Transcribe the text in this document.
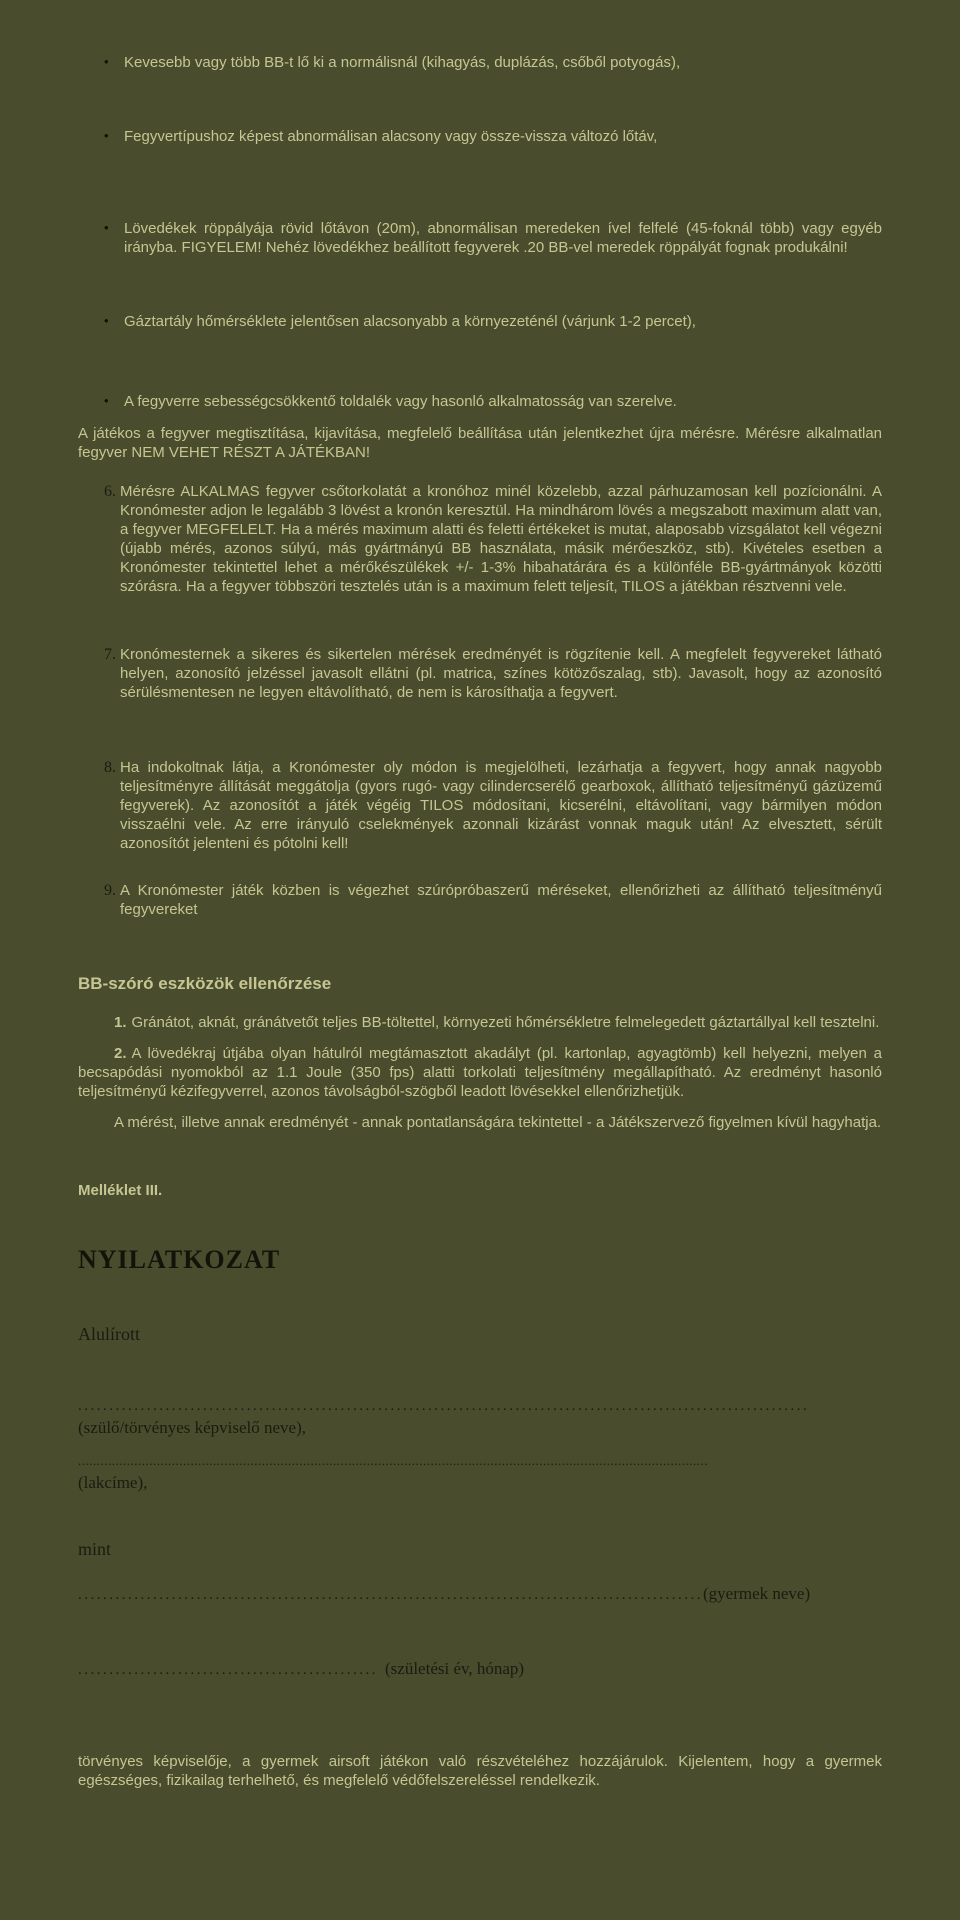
• Kevesebb vagy több BB-t lő ki a normálisnál (kihagyás, duplázás, csőből potyogás),
• Fegyvertípushoz képest abnormálisan alacsony vagy össze-vissza változó lőtáv,
• Lövedékek röppályája rövid lőtávon (20m), abnormálisan meredeken ível felfelé (45-foknál több) vagy egyéb irányba. FIGYELEM! Nehéz lövedékhez beállított fegyverek .20 BB-vel meredek röppályát fognak produkálni!
• Gáztartály hőmérséklete jelentősen alacsonyabb a környezeténél (várjunk 1-2 percet),
• A fegyverre sebességcsökkentő toldalék vagy hasonló alkalmatosság van szerelve.

A játékos a fegyver megtisztítása, kijavítása, megfelelő beállítása után jelentkezhet újra mérésre. Mérésre alkalmatlan fegyver NEM VEHET RÉSZT A JÁTÉKBAN!

6. Mérésre ALKALMAS fegyver csőtorkolatát a kronóhoz minél közelebb, azzal párhuzamosan kell pozícionálni. A Kronómester adjon le legalább 3 lövést a kronón keresztül. Ha mindhárom lövés a megszabott maximum alatt van, a fegyver MEGFELELT. Ha a mérés maximum alatti és feletti értékeket is mutat, alaposabb vizsgálatot kell végezni (újabb mérés, azonos súlyú, más gyártmányú BB használata, másik mérőeszköz, stb). Kivételes esetben a Kronómester tekintettel lehet a mérőkészülékek +/- 1-3% hibahatárára és a különféle BB-gyártmányok közötti szórásra. Ha a fegyver többszöri tesztelés után is a maximum felett teljesít, TILOS a játékban résztvenni vele.
7. Kronómesternek a sikeres és sikertelen mérések eredményét is rögzítenie kell. A megfelelt fegyvereket látható helyen, azonosító jelzéssel javasolt ellátni (pl. matrica, színes kötözőszalag, stb). Javasolt, hogy az azonosító sérülésmentesen ne legyen eltávolítható, de nem is károsíthatja a fegyvert.
8. Ha indokoltnak látja, a Kronómester oly módon is megjelölheti, lezárhatja a fegyvert, hogy annak nagyobb teljesítményre állítását meggátolja (gyors rugó- vagy cilindercserélő gearboxok, állítható teljesítményű gázüzemű fegyverek). Az azonosítót a játék végéig TILOS módosítani, kicserélni, eltávolítani, vagy bármilyen módon visszaélni vele. Az erre irányuló cselekmények azonnali kizárást vonnak maguk után! Az elvesztett, sérült azonosítót jelenteni és pótolni kell!
9. A Kronómester játék közben is végezhet szúrópróbaszerű méréseket, ellenőrizheti az állítható teljesítményű fegyvereket
BB-szóró eszközök ellenőrzése

1. Gránátot, aknát, gránátvetőt teljes BB-töltettel, környezeti hőmérsékletre felmelegedett gáztartállyal kell tesztelni.

2. A lövedékraj útjába olyan hátulról megtámasztott akadályt (pl. kartonlap, agyagtömb) kell helyezni, melyen a becsapódási nyomokból az 1.1 Joule (350 fps) alatti torkolati teljesítmény megállapítható. Az eredményt hasonló teljesítményű kézifegyverrel, azonos távolságból-szögből leadott lövésekkel ellenőrizhetjük.

A mérést, illetve annak eredményét - annak pontatlanságára tekintettel - a Játékszervező figyelmen kívül hagyhatja.

Melléklet III.

NYILATKOZAT

Alulírott

.....................................................................................................................
(szülő/törvényes képviselő neve),
........................................................................................................................................................................
(lakcíme),

mint

....................................................................................................(gyermek neve)
................................................ (születési év, hónap)

törvényes képviselője, a gyermek airsoft játékon való részvételéhez hozzájárulok. Kijelentem, hogy a gyermek egészséges, fizikailag terhelhető, és megfelelő védőfelszereléssel rendelkezik.
